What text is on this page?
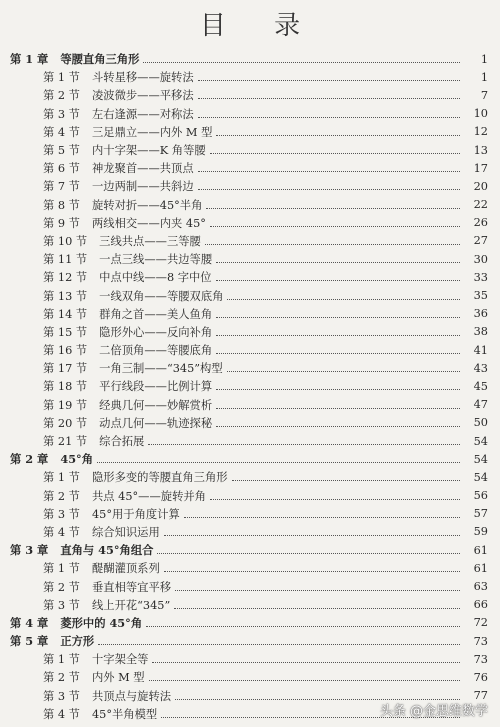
目 录
第 1 章 等腰直角三角形	1
第 1 节 斗转星移——旋转法	1
第 2 节 凌波微步——平移法	7
第 3 节 左右逢源——对称法	10
第 4 节 三足鼎立——内外 M 型	12
第 5 节 内十字架——K 角等腰	13
第 6 节 神龙聚首——共顶点	17
第 7 节 一边两制——共斜边	20
第 8 节 旋转对折——45°半角	22
第 9 节 两线相交——内夹 45°	26
第 10 节 三线共点——三等腰	27
第 11 节 一点三线——共边等腰	30
第 12 节 中点中线——8 字中位	33
第 13 节 一线双角——等腰双底角	35
第 14 节 群角之首——美人鱼角	36
第 15 节 隐形外心——反向补角	38
第 16 节 二倍顶角——等腰底角	41
第 17 节 一角三制——“345”构型	43
第 18 节 平行线段——比例计算	45
第 19 节 经典几何——妙解赏析	47
第 20 节 动点几何——轨迹探秘	50
第 21 节 综合拓展	54
第 2 章 45°角	54
第 1 节 隐形多变的等腰直角三角形	54
第 2 节 共点 45°——旋转并角	56
第 3 节 45°用于角度计算	57
第 4 节 综合知识运用	59
第 3 章 直角与 45°角组合	61
第 1 节 醍醐灌顶系列	61
第 2 节 垂直相等宜平移	63
第 3 节 线上开花“345”	66
第 4 章 菱形中的 45°角	72
第 5 章 正方形	73
第 1 节 十字架全等	73
第 2 节 内外 M 型	76
第 3 节 共顶点与旋转法	77
第 4 节 45°半角模型	头条 @金思维数学
